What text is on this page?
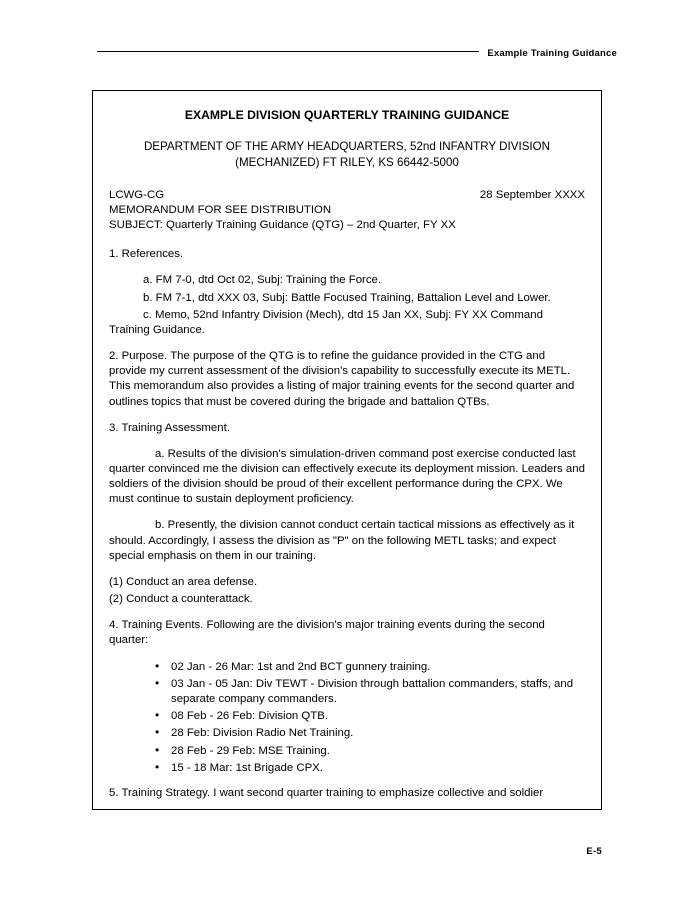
Example Training Guidance
EXAMPLE DIVISION QUARTERLY TRAINING GUIDANCE
DEPARTMENT OF THE ARMY HEADQUARTERS, 52nd INFANTRY DIVISION
(MECHANIZED) FT RILEY, KS 66442-5000
LCWG-CG	28 September XXXX
MEMORANDUM FOR SEE DISTRIBUTION
SUBJECT: Quarterly Training Guidance (QTG) – 2nd Quarter, FY XX

1. References.

a. FM 7-0, dtd Oct 02, Subj: Training the Force.

b. FM 7-1, dtd XXX 03, Subj: Battle Focused Training, Battalion Level and Lower.

c. Memo, 52nd Infantry Division (Mech), dtd 15 Jan XX, Subj: FY XX Command Training Guidance.

2. Purpose. The purpose of the QTG is to refine the guidance provided in the CTG and provide my current assessment of the division's capability to successfully execute its METL. This memorandum also provides a listing of major training events for the second quarter and outlines topics that must be covered during the brigade and battalion QTBs.

3. Training Assessment.

a. Results of the division's simulation-driven command post exercise conducted last quarter convinced me the division can effectively execute its deployment mission. Leaders and soldiers of the division should be proud of their excellent performance during the CPX. We must continue to sustain deployment proficiency.

b. Presently, the division cannot conduct certain tactical missions as effectively as it should. Accordingly, I assess the division as "P" on the following METL tasks; and expect special emphasis on them in our training.

(1) Conduct an area defense.

(2) Conduct a counterattack.

4. Training Events. Following are the division's major training events during the second quarter:

• 02 Jan - 26 Mar: 1st and 2nd BCT gunnery training.
• 03 Jan - 05 Jan: Div TEWT - Division through battalion commanders, staffs, and separate company commanders.
• 08 Feb - 26 Feb: Division QTB.
• 28 Feb: Division Radio Net Training.
• 28 Feb - 29 Feb: MSE Training.
• 15 - 18 Mar: 1st Brigade CPX.

5. Training Strategy. I want second quarter training to emphasize collective and soldier

E-5
